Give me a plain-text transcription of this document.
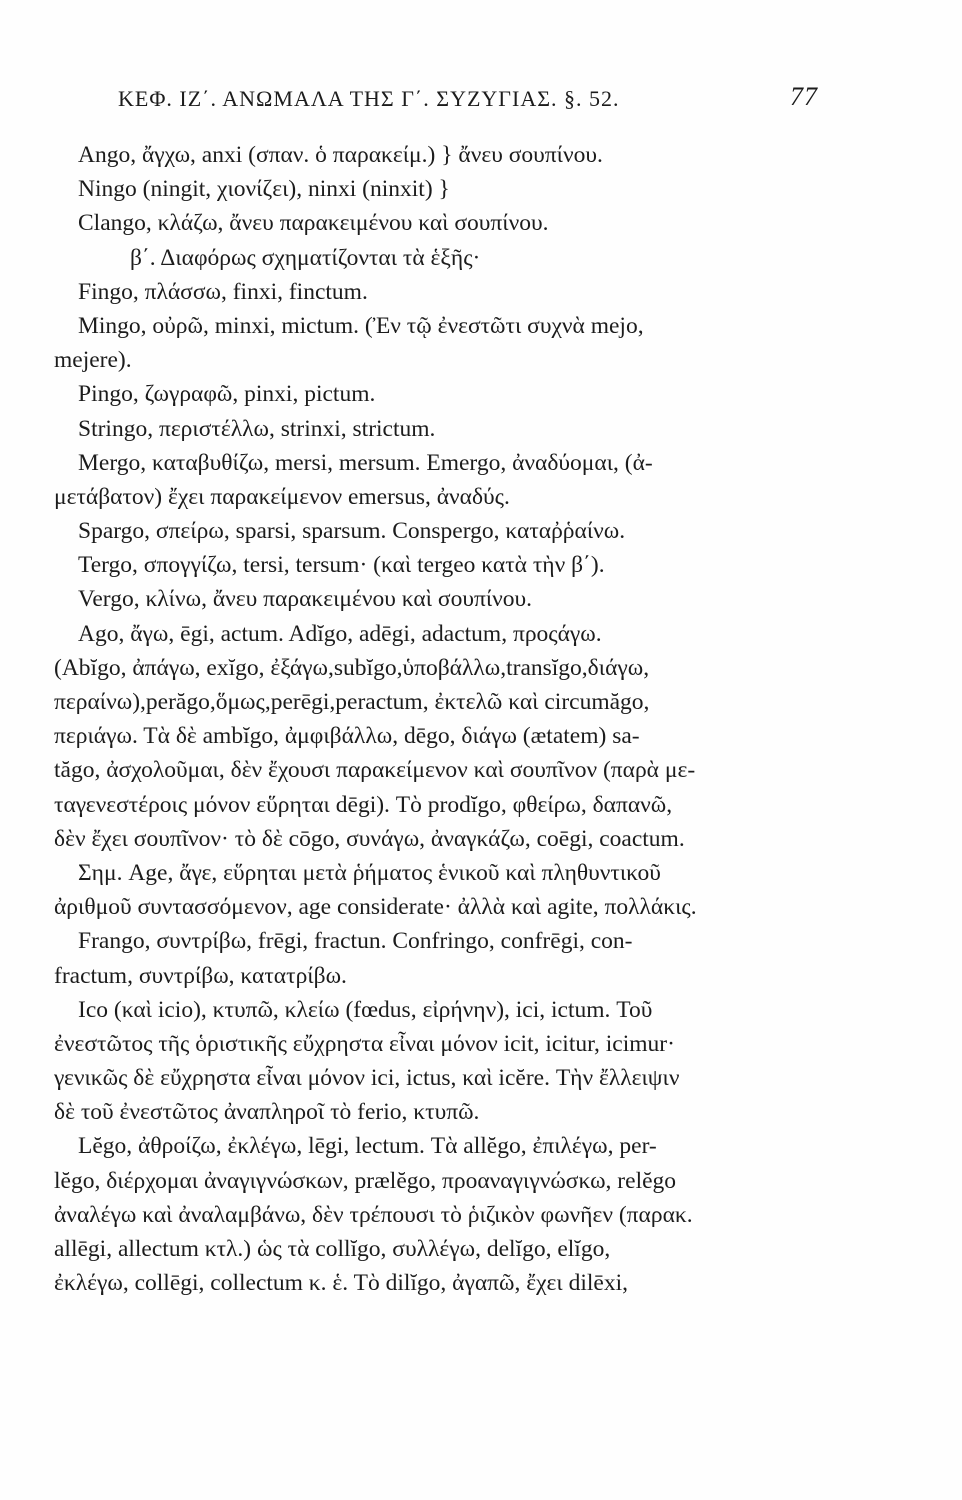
ΚΕΦ. ΙΖ΄. ΑΝΩΜΑΛΑ ΤΗΣ Γ΄. ΣΥΖΥΓΙΑΣ. §. 52.	77
Ango, ἄγχω, anxi (σπαν. ὁ παρακείμ.) } ἄνευ σουπίνου.
Ningo (ningit, χιονίζει), ninxi (ninxit) }
Clango, κλάζω, ἄνευ παρακειμένου καὶ σουπίνου.
β΄. Διαφόρως σχηματίζονται τὰ ἑξῆς·
Fingo, πλάσσω, finxi, finctum.
Mingo, οὐρῶ, minxi, mictum. (Ἐν τῷ ἐνεστῶτι συχνὰ mejo,
mejere).
Pingo, ζωγραφῶ, pinxi, pictum.
Stringo, περιστέλλω, strinxi, strictum.
Mergo, καταβυθίζω, mersi, mersum. Emergo, ἀναδύομαι, (ἀ-
μετάβατον) ἔχει παρακείμενον emersus, ἀναδύς.
Spargo, σπείρω, sparsi, sparsum. Conspergo, καταῤῥαίνω.
Tergo, σπογγίζω, tersi, tersum· (καὶ tergeo κατὰ τὴν β΄).
Vergo, κλίνω, ἄνευ παρακειμένου καὶ σουπίνου.
Ago, ἄγω, ēgi, actum. Adĭgo, adēgi, adactum, προςάγω.
(Abĭgo, ἀπάγω, exĭgo, ἐξάγω,subĭgo,ὑποβάλλω,transĭgo,διάγω,
περαίνω),perăgo,ὅμως,perēgi,peractum, ἐκτελῶ καὶ circumăgo,
περιάγω. Τὰ δὲ ambĭgo, ἀμφιβάλλω, dēgo, διάγω (ætatem) sa-
tăgo, ἀσχολοῦμαι, δὲν ἔχουσι παρακείμενον καὶ σουπῖνον (παρὰ με-
ταγενεστέροις μόνον εὕρηται dēgi). Τὸ prodĭgo, φθείρω, δαπανῶ,
δὲν ἔχει σουπῖνον· τὸ δὲ cōgo, συνάγω, ἀναγκάζω, coēgi, coactum.
Σημ. Age, ἄγε, εὕρηται μετὰ ῥήματος ἑνικοῦ καὶ πληθυντικοῦ
ἀριθμοῦ συντασσόμενον, age considerate· ἀλλὰ καὶ agite, πολλάκις.
Frango, συντρίβω, frēgi, fractun. Confringo, confrēgi, con-
fractum, συντρίβω, κατατρίβω.
Ico (καὶ icio), κτυπῶ, κλείω (fœdus, εἰρήνην), ici, ictum. Τοῦ
ἐνεστῶτος τῆς ὁριστικῆς εὔχρηστα εἶναι μόνον icit, icitur, icimur·
γενικῶς δὲ εὔχρηστα εἶναι μόνον ici, ictus, καὶ icĕre. Τὴν ἔλλειψιν
δὲ τοῦ ἐνεστῶτος ἀναπληροῖ τὸ ferio, κτυπῶ.
Lĕgo, ἀθροίζω, ἐκλέγω, lēgi, lectum. Τὰ allĕgo, ἐπιλέγω, per-
lĕgo, διέρχομαι ἀναγιγνώσκων, prælĕgo, προαναγιγνώσκω, relĕgo
ἀναλέγω καὶ ἀναλαμβάνω, δὲν τρέπουσι τὸ ῥιζικὸν φωνῆεν (παρακ.
allēgi, allectum κτλ.) ὡς τὰ collĭgo, συλλέγω, delĭgo, elĭgo,
ἐκλέγω, collēgi, collectum κ. ἑ. Τὸ dilĭgo, ἀγαπῶ, ἔχει dilēxi,
